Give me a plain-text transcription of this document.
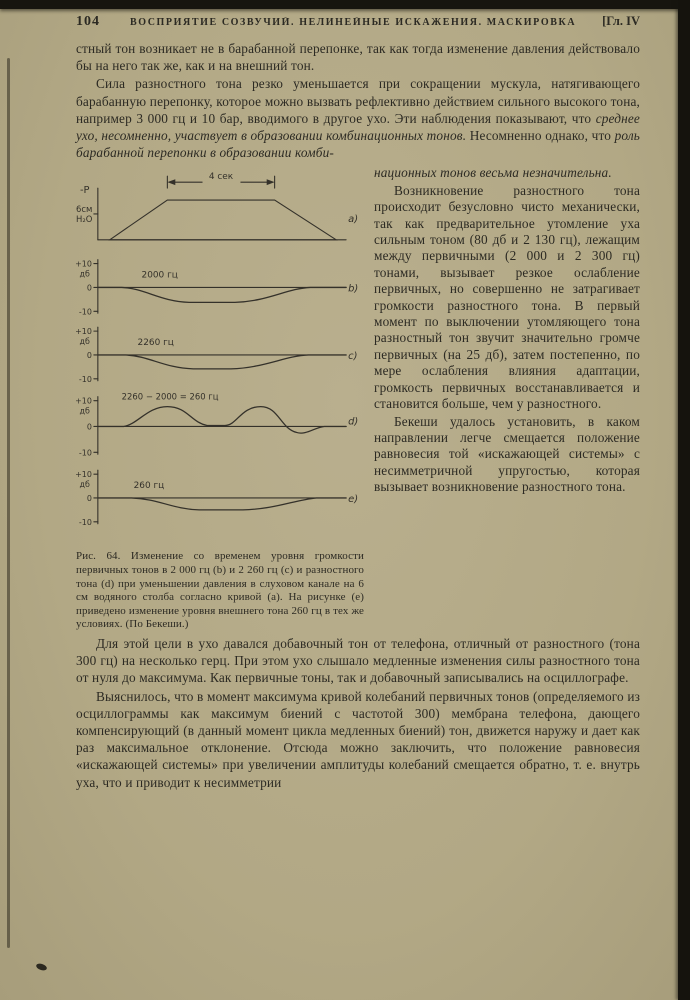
104	ВОСПРИЯТИЕ СОЗВУЧИЙ. НЕЛИНЕЙНЫЕ ИСКАЖЕНИЯ. МАСКИРОВКА	[Гл. IV

стный тон возникает не в барабанной перепонке, так как тогда изменение давления действовало бы на него так же, как и на внешний тон.

Сила разностного тона резко уменьшается при сокращении мускула, натягивающего барабанную перепонку, которое можно вызвать рефлективно действием сильного высокого тона, например 3 000 гц и 10 бар, вводимого в другое ухо. Эти наблюдения показывают, что среднее ухо, несомненно, участвует в образовании комбинационных тонов. Несомненно однако, что роль барабанной перепонки в образовании комби-

-P
6см
Н₂О
4 сек
a)
+10
дб
0
-10
2000 гц
b)
+10
дб
0
-10
2260 гц
c)
+10
дб
0
-10
2260 − 2000 = 260 гц
d)
+10
дб
0
-10
260 гц
e)
Рис. 64. Изменение со временем уровня громкости первичных тонов в 2 000 гц (b) и 2 260 гц (c) и разностного тона (d) при уменьшении давления в слуховом канале на 6 см водяного столба согласно кривой (a). На рисунке (e) приведено изменение уровня внешнего тона 260 гц в тех же условиях. (По Бекеши.)

национных тонов весьма незначительна.

Возникновение разностного тона происходит безусловно чисто механически, так как предварительное утомление уха сильным тоном (80 дб и 2 130 гц), лежащим между первичными (2 000 и 2 300 гц) тонами, вызывает резкое ослабление первичных, но совершенно не затрагивает громкости разностного тона. В первый момент по выключении утомляющего тона разностный тон звучит значительно громче первичных (на 25 дб), затем постепенно, по мере ослабления влияния адаптации, громкость первичных восстанавливается и становится больше, чем у разностного.

Бекеши удалось установить, в каком направлении легче смещается положение равновесия той «искажающей системы» с несимметричной упругостью, которая вызывает возникновение разностного тона.

Для этой цели в ухо давался добавочный тон от телефона, отличный от разностного (тона 300 гц) на несколько герц. При этом ухо слышало медленные изменения силы разностного тона от нуля до максимума. Как первичные тоны, так и добавочный записывались на осциллографе.

Выяснилось, что в момент максимума кривой колебаний первичных тонов (определяемого из осциллограммы как максимум биений с частотой 300) мембрана телефона, дающего компенсирующий (в данный момент цикла медленных биений) тон, движется наружу и дает как раз максимальное отклонение. Отсюда можно заключить, что положение равновесия «искажающей системы» при увеличении амплитуды колебаний смещается обратно, т. е. внутрь уха, что и приводит к несимметрии
